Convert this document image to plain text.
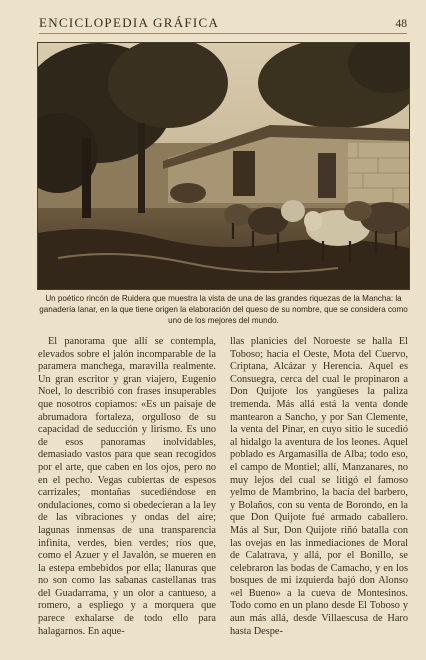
ENCICLOPEDIA GRÁFICA	48
Un poético rincón de Ruidera que muestra la vista de una de las grandes riquezas de la Mancha: la ganadería lanar, en la que tiene origen la elaboración del queso de su nombre, que se considera como uno de los mejores del mundo.
El panorama que allí se contempla, elevados sobre el jalón incomparable de la paramera manchega, maravilla realmente. Un gran escritor y gran viajero, Eugenio Noel, lo describió con frases insuperables que nosotros copiamos: «Es un paisaje de abrumadora fortaleza, orgulloso de su capacidad de seducción y lirismo. Es uno de esos panoramas inolvidables, demasiado vastos para que sean recogidos por el arte, que caben en los ojos, pero no en el pecho. Vegas cubiertas de espesos carrizales; montañas sucediéndose en ondulaciones, como si obedecieran a la ley de las vibraciones y ondas del aire; lagunas inmensas de una transparencia infinita, verdes, bien verdes; ríos que, como el Azuer y el Javalón, se mueren en la estepa embebidos por ella; llanuras que no son como las sabanas castellanas tras del Guadarrama, y un olor a cantueso, a romero, a espliego y a morquera que parece exhalarse de todo ello para halagarnos. En aque-
llas planicies del Noroeste se halla El Toboso; hacia el Oeste, Mota del Cuervo, Criptana, Alcázar y Herencia. Aquel es Consuegra, cerca del cual le propinaron a Don Quijote los yangüeses la paliza tremenda. Más allá está la venta donde mantearon a Sancho, y por San Clemente, la venta del Pinar, en cuyo sitio le sucedió al hidalgo la aventura de los leones. Aquel poblado es Argamasilla de Alba; todo eso, el campo de Montiel; allí, Manzanares, no muy lejos del cual se litigó el famoso yelmo de Mambrino, la bacía del barbero, y Bolaños, con su venta de Borondo, en la que Don Quijote fué armado caballero. Más al Sur, Don Quijote riñó batalla con las ovejas en las inmediaciones de Moral de Calatrava, y allá, por el Bonillo, se celebraron las bodas de Camacho, y en los bosques de mi izquierda bajó don Alonso «el Bueno» a la cueva de Montesinos. Todo como en un plano desde El Toboso y aun más allá, desde Villaescusa de Haro hasta Despe-
